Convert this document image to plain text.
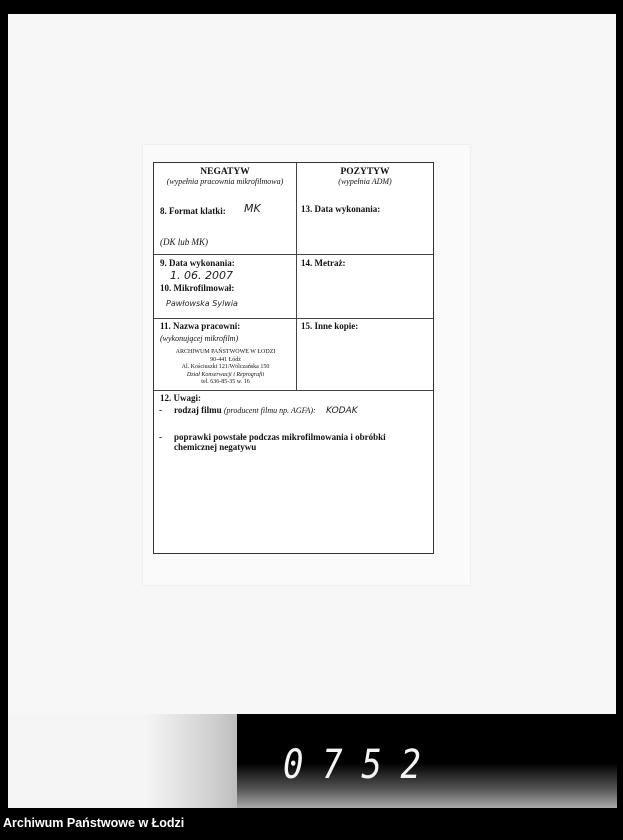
0752
NEGATYW
(wypełnia pracownia mikrofilmowa)
8. Format klatki: MK
(DK lub MK)
POZYTYW
(wypełnia ADM)
13. Data wykonania:
9. Data wykonania:
1. 06. 2007
10. Mikrofilmował:
Pawłowska Sylwia
14. Metraż:
11. Nazwa pracowni:
(wykonującej mikrofilm)
ARCHIWUM PAŃSTWOWE W ŁODZI
90-441 Łódź
Al. Kościuszki 121/Wólczańska 150
Dział Konserwacji i Reprografii
tel. 636-85-35 w. 16
15. Inne kopie:
12. Uwagi:
- rodzaj filmu (producent filmu np. AGFA): KODAK
- poprawki powstałe podczas mikrofilmowania i obróbki chemicznej negatywu
Archiwum Państwowe w Łodzi
